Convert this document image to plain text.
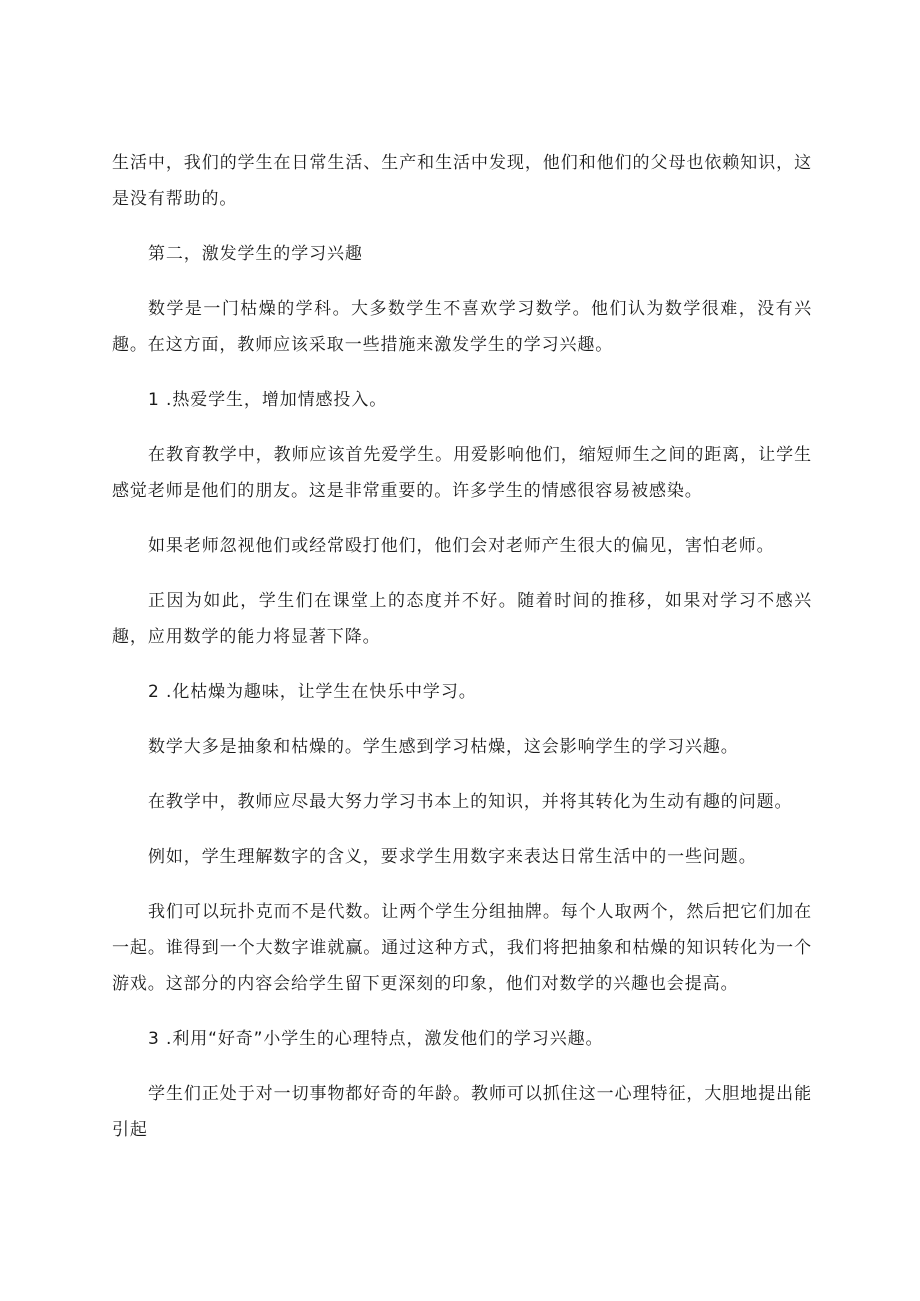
生活中，我们的学生在日常生活、生产和生活中发现，他们和他们的父母也依赖知识，这是没有帮助的。

第二，激发学生的学习兴趣

数学是一门枯燥的学科。大多数学生不喜欢学习数学。他们认为数学很难，没有兴趣。在这方面，教师应该采取一些措施来激发学生的学习兴趣。

1 .热爱学生，增加情感投入。

在教育教学中，教师应该首先爱学生。用爱影响他们，缩短师生之间的距离，让学生感觉老师是他们的朋友。这是非常重要的。许多学生的情感很容易被感染。

如果老师忽视他们或经常殴打他们，他们会对老师产生很大的偏见，害怕老师。

正因为如此，学生们在课堂上的态度并不好。随着时间的推移，如果对学习不感兴趣，应用数学的能力将显著下降。

2 .化枯燥为趣味，让学生在快乐中学习。

数学大多是抽象和枯燥的。学生感到学习枯燥，这会影响学生的学习兴趣。

在教学中，教师应尽最大努力学习书本上的知识，并将其转化为生动有趣的问题。

例如，学生理解数字的含义，要求学生用数字来表达日常生活中的一些问题。

我们可以玩扑克而不是代数。让两个学生分组抽牌。每个人取两个，然后把它们加在一起。谁得到一个大数字谁就赢。通过这种方式，我们将把抽象和枯燥的知识转化为一个游戏。这部分的内容会给学生留下更深刻的印象，他们对数学的兴趣也会提高。

3 .利用“好奇”小学生的心理特点，激发他们的学习兴趣。

学生们正处于对一切事物都好奇的年龄。教师可以抓住这一心理特征，大胆地提出能引起
